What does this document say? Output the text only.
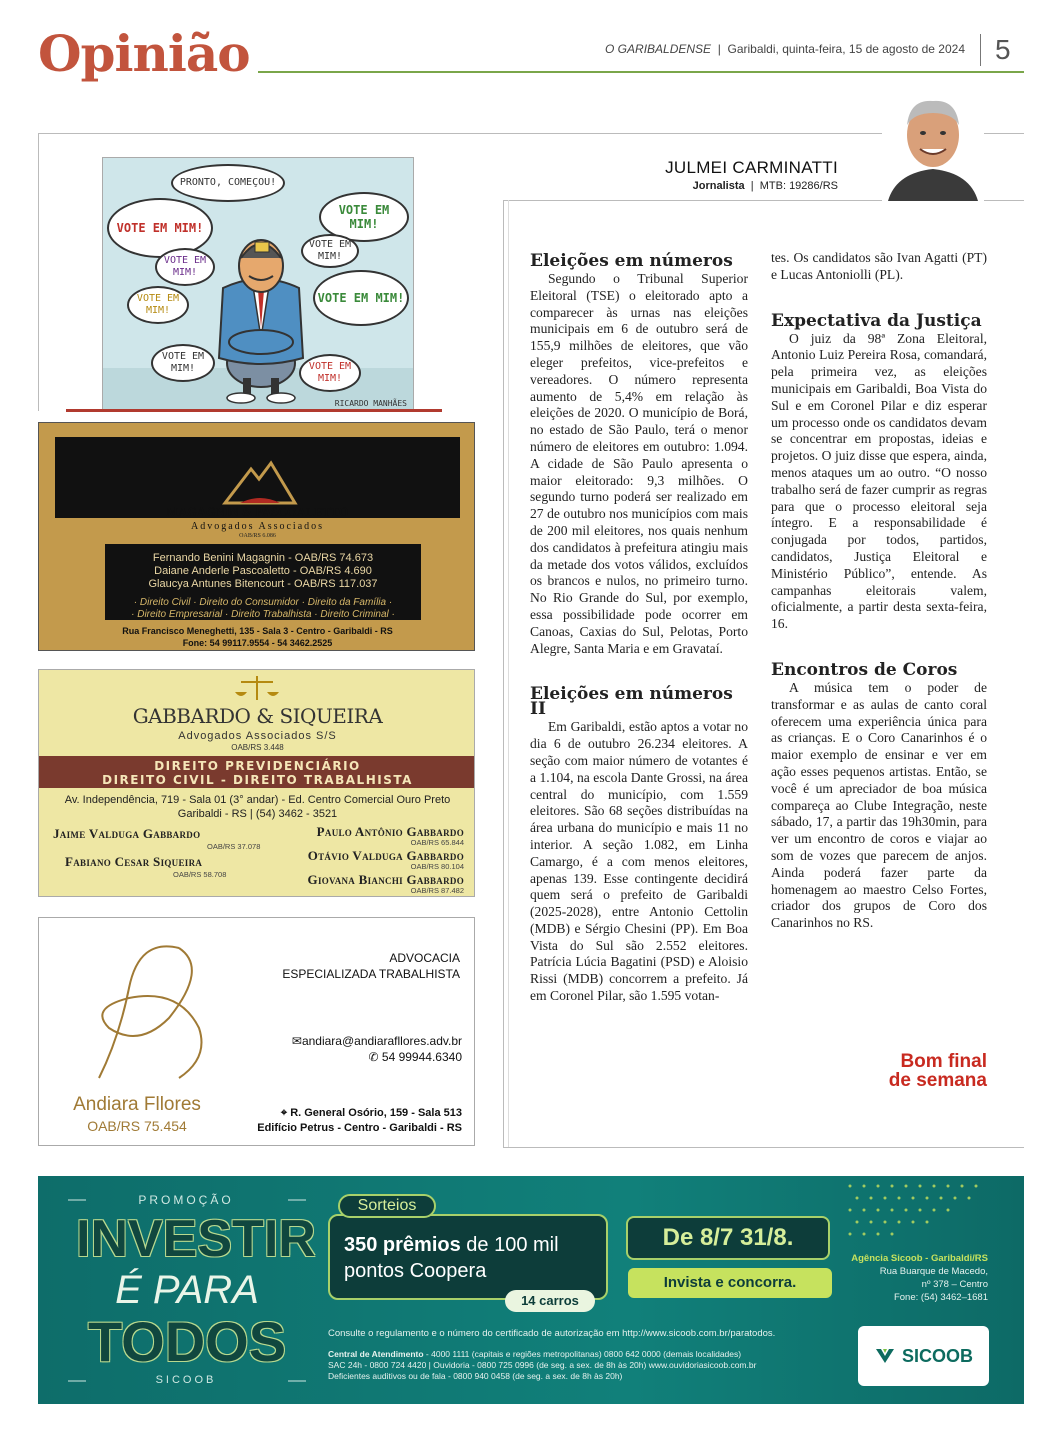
Opinião	O GARIBALDENSE  |  Garibaldi, quinta-feira, 15 de agosto de 2024	5
PRONTO, COMEÇOU!
VOTE EM MIM!
VOTE EM MIM!
VOTE EM MIM!
VOTE EM MIM!
VOTE EM MIM!
VOTE EM MIM!
VOTE EM MIM!	VOTE EM MIM!
RICARDO MANHÃES
JULMEI CARMINATTI
Jornalista  |  MTB: 19286/RS
Eleições em números

Segundo o Tribunal Superior Eleitoral (TSE) o eleitorado apto a comparecer às urnas nas eleições municipais em 6 de outubro será de 155,9 milhões de eleitores, que vão eleger prefeitos, vice-prefeitos e vereadores. O número representa aumento de 5,4% em relação às eleições de 2020. O município de Borá, no estado de São Paulo, terá o menor número de eleitores em outubro: 1.094. A cidade de São Paulo apresenta o maior eleitorado: 9,3 milhões. O segundo turno poderá ser realizado em 27 de outubro nos municípios com mais de 200 mil eleitores, nos quais nenhum dos candidatos à prefeitura atingiu mais da metade dos votos válidos, excluídos os brancos e nulos, no primeiro turno. No Rio Grande do Sul, por exemplo, essa possibilidade pode ocorrer em Canoas, Caxias do Sul, Pelotas, Porto Alegre, Santa Maria e em Gravataí.

Eleições em números II

Em Garibaldi, estão aptos a votar no dia 6 de outubro 26.234 eleitores. A seção com maior número de votantes é a 1.104, na escola Dante Grossi, na área central do município, com 1.559 eleitores. São 68 seções distribuídas na área urbana do município e mais 11 no interior. A seção 1.082, em Linha Camargo, é a com menos eleitores, apenas 139. Esse contingente decidirá quem será o prefeito de Garibaldi (2025-2028), entre Antonio Cettolin (MDB) e Sérgio Chesini (PP). Em Boa Vista do Sul são 2.552 eleitores. Patrícia Lúcia Bagatini (PSD) e Aloisio Rissi (MDB) concorrem a prefeito. Já em Coronel Pilar, são 1.595 votan-

tes. Os candidatos são Ivan Agatti (PT) e Lucas Antoniolli (PL).

Expectativa da Justiça

O juiz da 98ª Zona Eleitoral, Antonio Luiz Pereira Rosa, comandará, pela primeira vez, as eleições municipais em Garibaldi, Boa Vista do Sul e em Coronel Pilar e diz esperar um processo onde os candidatos devam se concentrar em propostas, ideias e projetos. O juiz disse que espera, ainda, menos ataques um ao outro. “O nosso trabalho será de fazer cumprir as regras para que o processo eleitoral seja íntegro. E a responsabilidade é conjugada por todos, partidos, candidatos, Justiça Eleitoral e Ministério Público”, entende. As campanhas eleitorais valem, oficialmente, a partir desta sexta-feira, 16.

Encontros de Coros

A música tem o poder de transformar e as aulas de canto coral oferecem uma experiência única para as crianças. E o Coro Canarinhos é o maior exemplo de ensinar e ver em ação esses pequenos artistas. Então, se você é um apreciador de boa música compareça ao Clube Integração, neste sábado, 17, a partir das 19h30min, para ver um encontro de coros e viajar ao som de vozes que parecem de anjos. Ainda poderá fazer parte da homenagem ao maestro Celso Fortes, criador dos grupos de Coro dos Canarinhos no RS.

Bom final
de semana
MAGAGNIN & PASCOALETTO
Advogados Associados
OAB/RS 6.086
Fernando Benini Magagnin - OAB/RS 74.673
Daiane Anderle Pascoaletto - OAB/RS 4.690
Glaucya Antunes Bitencourt - OAB/RS 117.037
· Direito Civil · Direito do Consumidor · Direito da Família ·
· Direito Empresarial · Direito Trabalhista · Direito Criminal ·
Rua Francisco Meneghetti, 135 - Sala 3 - Centro - Garibaldi - RS
Fone: 54 99117.9554 - 54 3462.2525
GABBARDO & SIQUEIRA
Advogados Associados S/S
OAB/RS 3.448
DIREITO PREVIDENCIÁRIO
DIREITO CIVIL - DIREITO TRABALHISTA
Av. Independência, 719 - Sala 01 (3° andar) - Ed. Centro Comercial Ouro Preto
Garibaldi - RS | (54) 3462 - 3521
Jaime Valduga Gabbardo
OAB/RS 37.078
Fabiano Cesar Siqueira
OAB/RS 58.708
Paulo Antônio Gabbardo
OAB/RS 65.844
Otávio Valduga Gabbardo
OAB/RS 80.104
Giovana Bianchi Gabbardo
OAB/RS 87.482
ADVOCACIA
ESPECIALIZADA TRABALHISTA
✉andiara@andiarafllores.adv.br
✆ 54 99944.6340
⌖ R. General Osório, 159 - Sala 513
Edifício Petrus - Centro - Garibaldi - RS
Andiara Fllores
OAB/RS 75.454
PROMOÇÃO
INVESTIR
É PARA
TODOS
SICOOB
350 prêmios de 100 mil
pontos Coopera
Sorteios
14 carros
De 8/7 31/8.
Invista e concorra.
Agência Sicoob - Garibaldi/RS
Rua Buarque de Macedo,
nº 378 – Centro
Fone: (54) 3462–1681
Consulte o regulamento e o número do certificado de autorização em http://www.sicoob.com.br/paratodos.
Central de Atendimento - 4000 1111 (capitais e regiões metropolitanas) 0800 642 0000 (demais localidades)
SAC 24h - 0800 724 4420 | Ouvidoria - 0800 725 0996 (de seg. a sex. de 8h às 20h) www.ouvidoriasicoob.com.br
Deficientes auditivos ou de fala - 0800 940 0458 (de seg. a sex. de 8h às 20h)
SICOOB
